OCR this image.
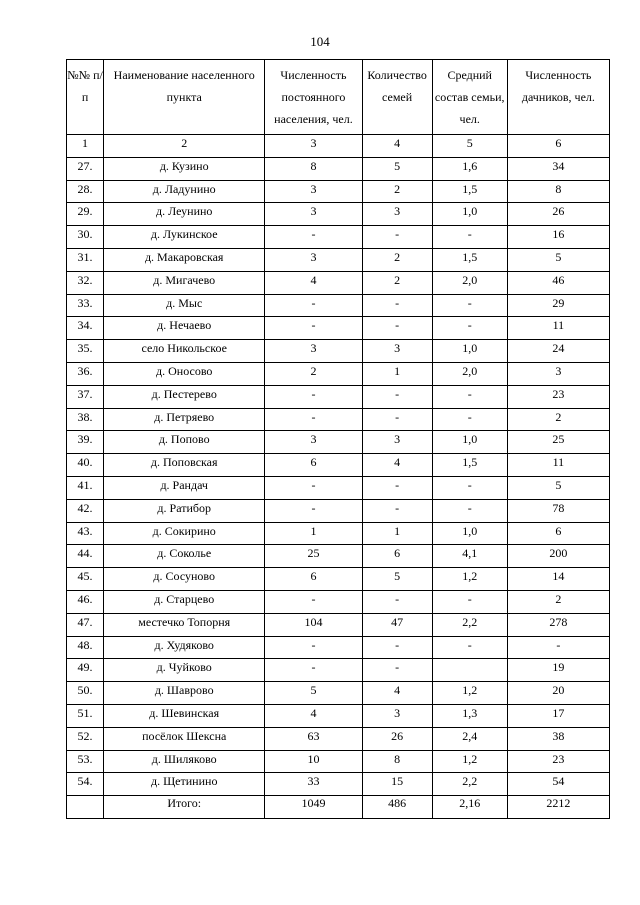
104
№№ п/п	Наименование населенного пункта	Численность постоянного населения, чел.	Количество семей	Средний состав семьи, чел.	Численность дачников, чел.
1	2	3	4	5	6
27.	д. Кузино	8	5	1,6	34
28.	д. Ладунино	3	2	1,5	8
29.	д. Леунино	3	3	1,0	26
30.	д. Лукинское	-	-	-	16
31.	д. Макаровская	3	2	1,5	5
32.	д. Мигачево	4	2	2,0	46
33.	д. Мыс	-	-	-	29
34.	д. Нечаево	-	-	-	11
35.	село Никольское	3	3	1,0	24
36.	д. Оносово	2	1	2,0	3
37.	д. Пестерево	-	-	-	23
38.	д. Петряево	-	-	-	2
39.	д. Попово	3	3	1,0	25
40.	д. Поповская	6	4	1,5	11
41.	д. Рандач	-	-	-	5
42.	д. Ратибор	-	-	-	78
43.	д. Сокирино	1	1	1,0	6
44.	д. Соколье	25	6	4,1	200
45.	д. Сосуново	6	5	1,2	14
46.	д. Старцево	-	-	-	2
47.	местечко Топорня	104	47	2,2	278
48.	д. Худяково	-	-	-	-
49.	д. Чуйково	-	-		19
50.	д. Шаврово	5	4	1,2	20
51.	д. Шевинская	4	3	1,3	17
52.	посёлок Шексна	63	26	2,4	38
53.	д. Шиляково	10	8	1,2	23
54.	д. Щетинино	33	15	2,2	54
	Итого:	1049	486	2,16	2212
